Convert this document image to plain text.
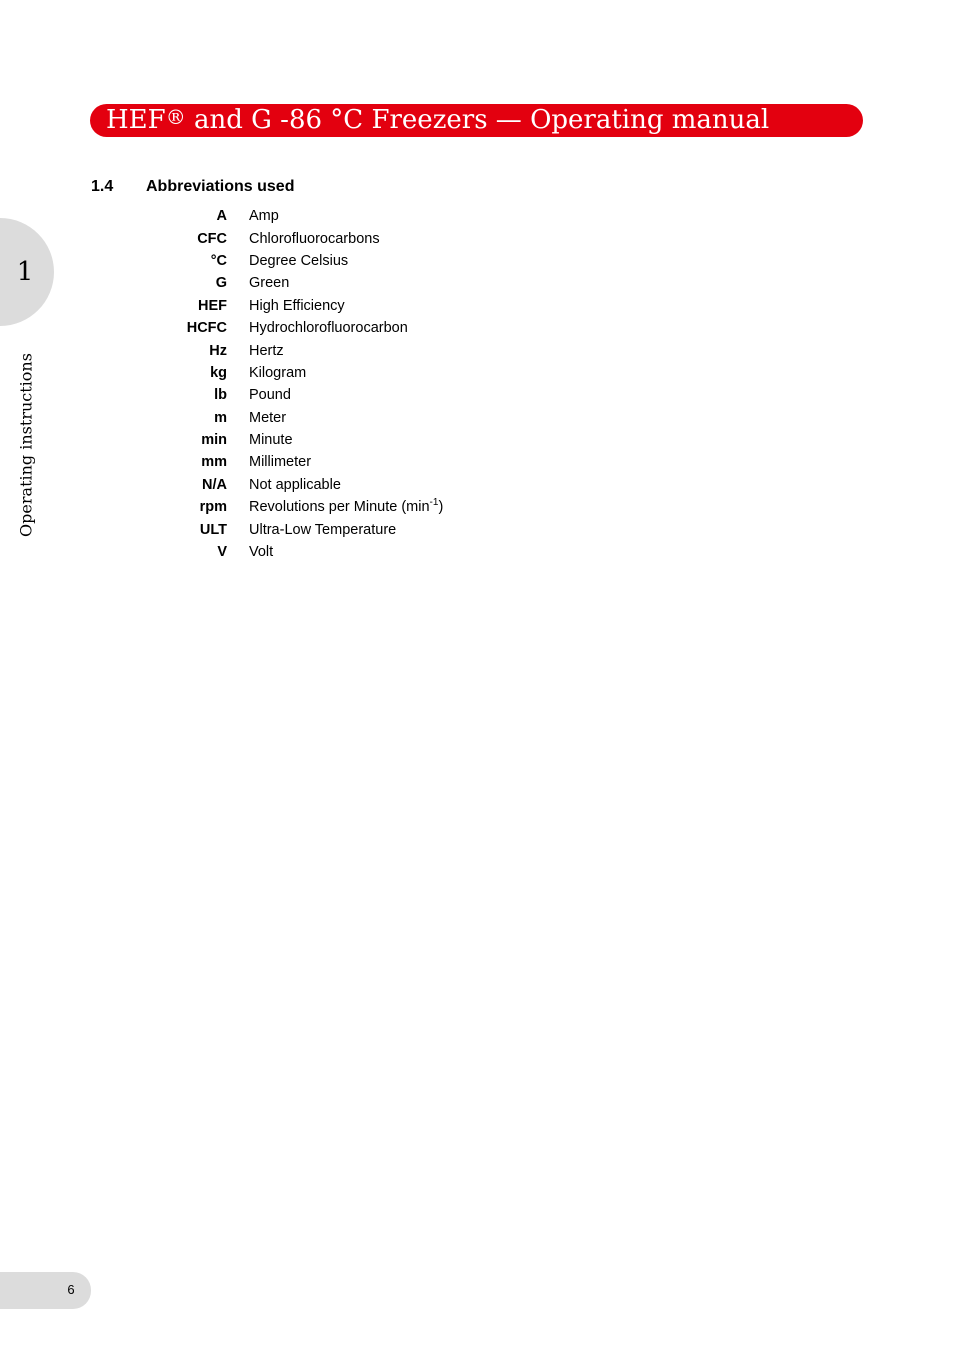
HEF® and G -86 °C Freezers — Operating manual
1
Operating instructions
1.4 Abbreviations used
A Amp
CFC Chlorofluorocarbons
°C Degree Celsius
G Green
HEF High Efficiency
HCFC Hydrochlorofluorocarbon
Hz Hertz
kg Kilogram
lb Pound
m Meter
min Minute
mm Millimeter
N/A Not applicable
rpm Revolutions per Minute $(\min^{-1})$
ULT Ultra-Low Temperature
V Volt
6
